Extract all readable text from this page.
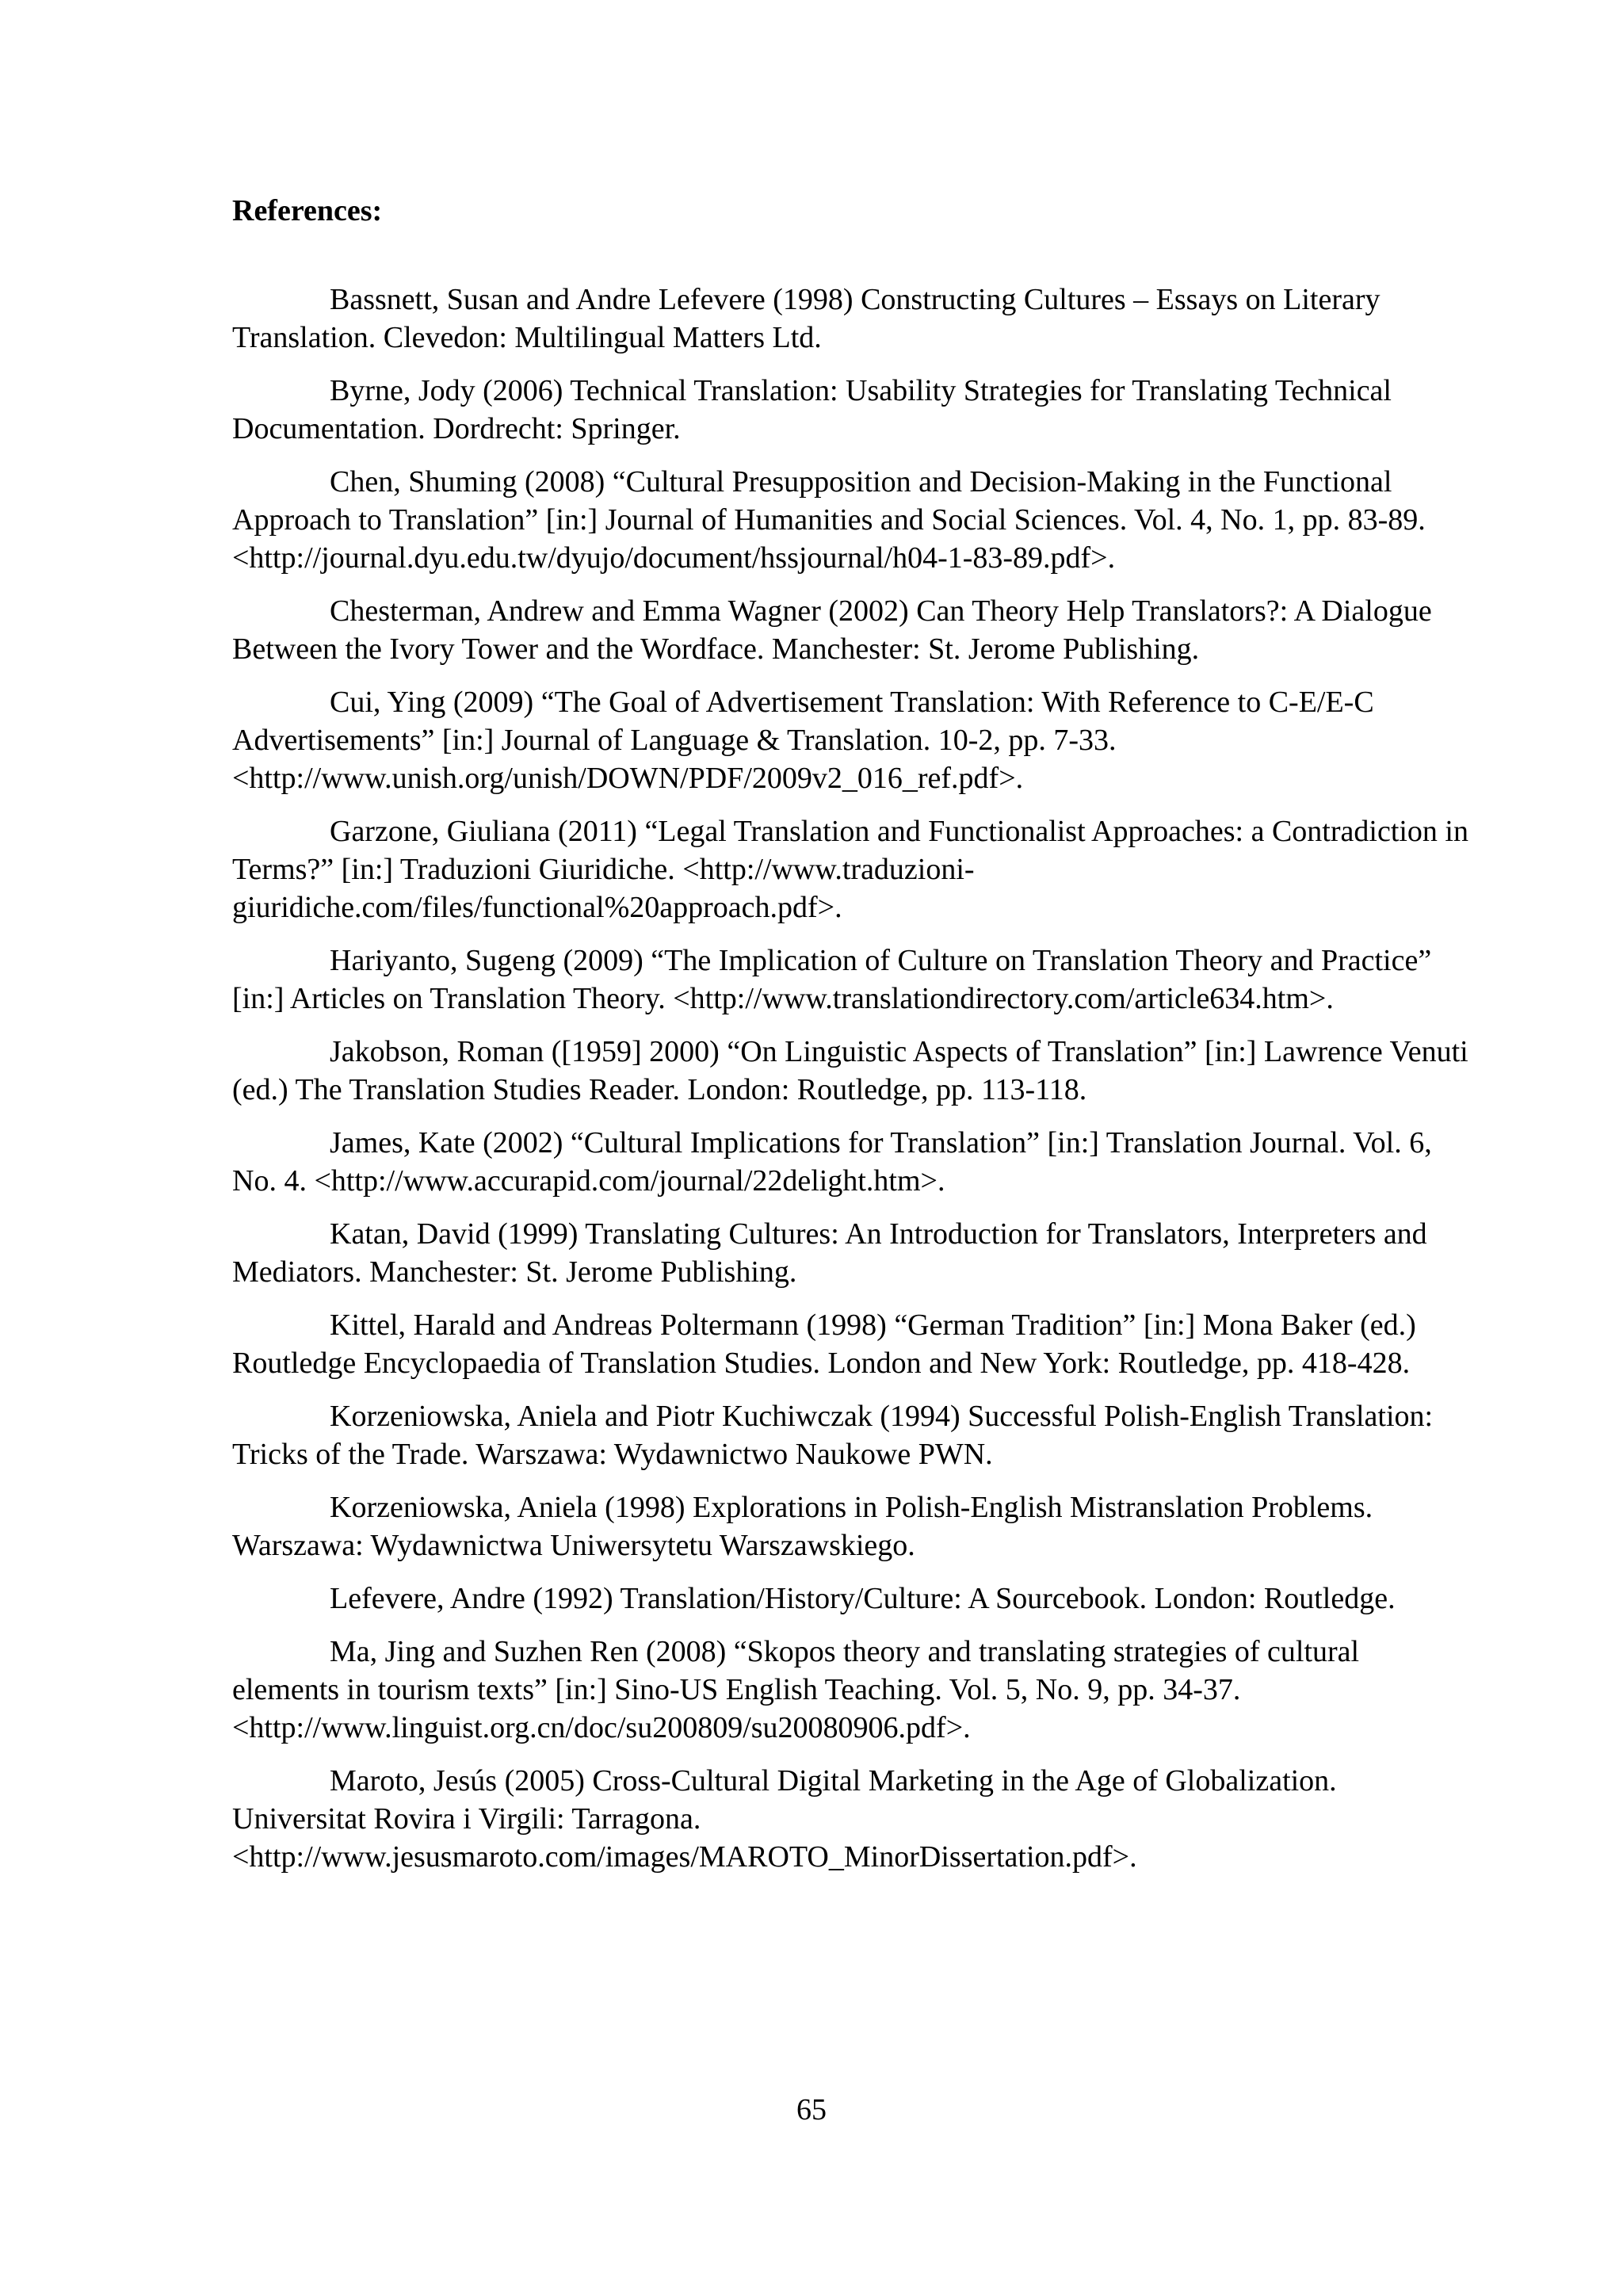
References:
Bassnett, Susan and Andre Lefevere (1998) Constructing Cultures – Essays on Literary Translation. Clevedon: Multilingual Matters Ltd.
Byrne, Jody (2006) Technical Translation: Usability Strategies for Translating Technical Documentation. Dordrecht: Springer.
Chen, Shuming (2008) “Cultural Presupposition and Decision-Making in the Functional Approach to Translation” [in:] Journal of Humanities and Social Sciences. Vol. 4, No. 1, pp. 83-89. <http://journal.dyu.edu.tw/dyujo/document/hssjournal/h04-1-83-89.pdf>.
Chesterman, Andrew and Emma Wagner (2002) Can Theory Help Translators?: A Dialogue Between the Ivory Tower and the Wordface. Manchester: St. Jerome Publishing.
Cui, Ying (2009) “The Goal of Advertisement Translation: With Reference to C-E/E-C Advertisements” [in:] Journal of Language & Translation. 10-2, pp. 7-33. <http://www.unish.org/unish/DOWN/PDF/2009v2_016_ref.pdf>.
Garzone, Giuliana (2011) “Legal Translation and Functionalist Approaches: a Contradiction in Terms?” [in:] Traduzioni Giuridiche. <http://www.traduzioni-giuridiche.com/files/functional%20approach.pdf>.
Hariyanto, Sugeng (2009) “The Implication of Culture on Translation Theory and Practice” [in:] Articles on Translation Theory. <http://www.translationdirectory.com/article634.htm>.
Jakobson, Roman ([1959] 2000) “On Linguistic Aspects of Translation” [in:] Lawrence Venuti (ed.) The Translation Studies Reader. London: Routledge, pp. 113-118.
James, Kate (2002) “Cultural Implications for Translation” [in:] Translation Journal. Vol. 6, No. 4. <http://www.accurapid.com/journal/22delight.htm>.
Katan, David (1999) Translating Cultures: An Introduction for Translators, Interpreters and Mediators. Manchester: St. Jerome Publishing.
Kittel, Harald and Andreas Poltermann (1998) “German Tradition” [in:] Mona Baker (ed.) Routledge Encyclopaedia of Translation Studies. London and New York: Routledge, pp. 418-428.
Korzeniowska, Aniela and Piotr Kuchiwczak (1994) Successful Polish-English Translation: Tricks of the Trade. Warszawa: Wydawnictwo Naukowe PWN.
Korzeniowska, Aniela (1998) Explorations in Polish-English Mistranslation Problems. Warszawa: Wydawnictwa Uniwersytetu Warszawskiego.
Lefevere, Andre (1992) Translation/History/Culture: A Sourcebook. London: Routledge.
Ma, Jing and Suzhen Ren (2008) “Skopos theory and translating strategies of cultural elements in tourism texts” [in:] Sino-US English Teaching. Vol. 5, No. 9, pp. 34-37. <http://www.linguist.org.cn/doc/su200809/su20080906.pdf>.
Maroto, Jesús (2005) Cross-Cultural Digital Marketing in the Age of Globalization. Universitat Rovira i Virgili: Tarragona. <http://www.jesusmaroto.com/images/MAROTO_MinorDissertation.pdf>.
65
